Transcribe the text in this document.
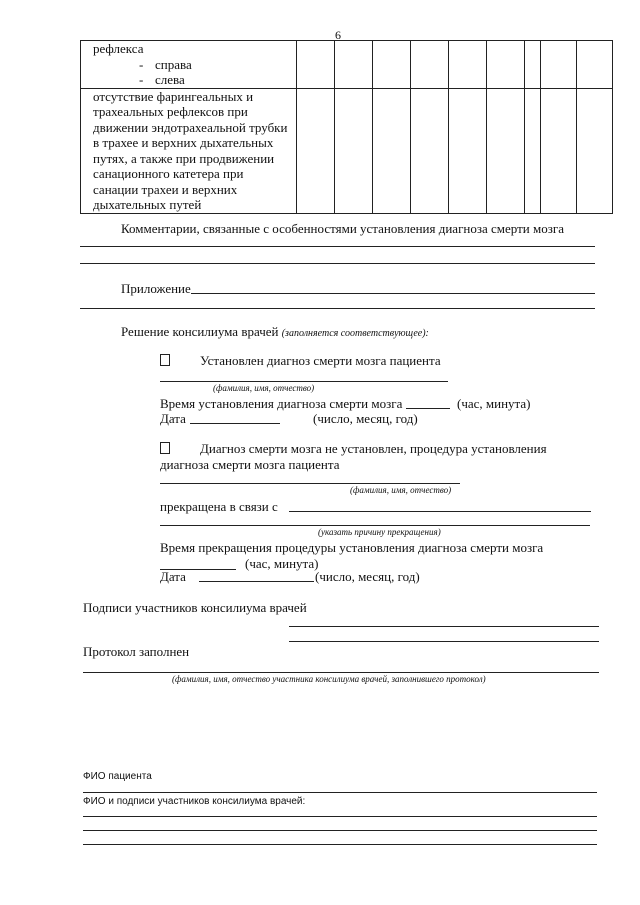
6
рефлекса
- справа
- слева									

отсутствие фарингеальных и трахеальных рефлексов при движении эндотрахеальной трубки в трахее и верхних дыхательных путях, а также при продвижении санационного катетера при санации трахеи и верхних дыхательных путей									

Комментарии, связанные с особенностями установления диагноза смерти мозга
Приложение
Решение консилиума врачей (заполняется соответствующее):
Установлен диагноз смерти мозга пациента
(фамилия, имя, отчество)
Время установления диагноза смерти мозга	(час, минута)
Дата	(число, месяц, год)
Диагноз смерти мозга не установлен, процедура установления
диагноза смерти мозга пациента
(фамилия, имя, отчество)
прекращена в связи с
(указать причину прекращения)
Время прекращения процедуры установления диагноза смерти мозга
(час, минута)
Дата	(число, месяц, год)
Подписи участников консилиума врачей
Протокол заполнен
(фамилия, имя, отчество участника консилиума врачей, заполнившего протокол)
ФИО пациента
ФИО и подписи участников консилиума врачей:
